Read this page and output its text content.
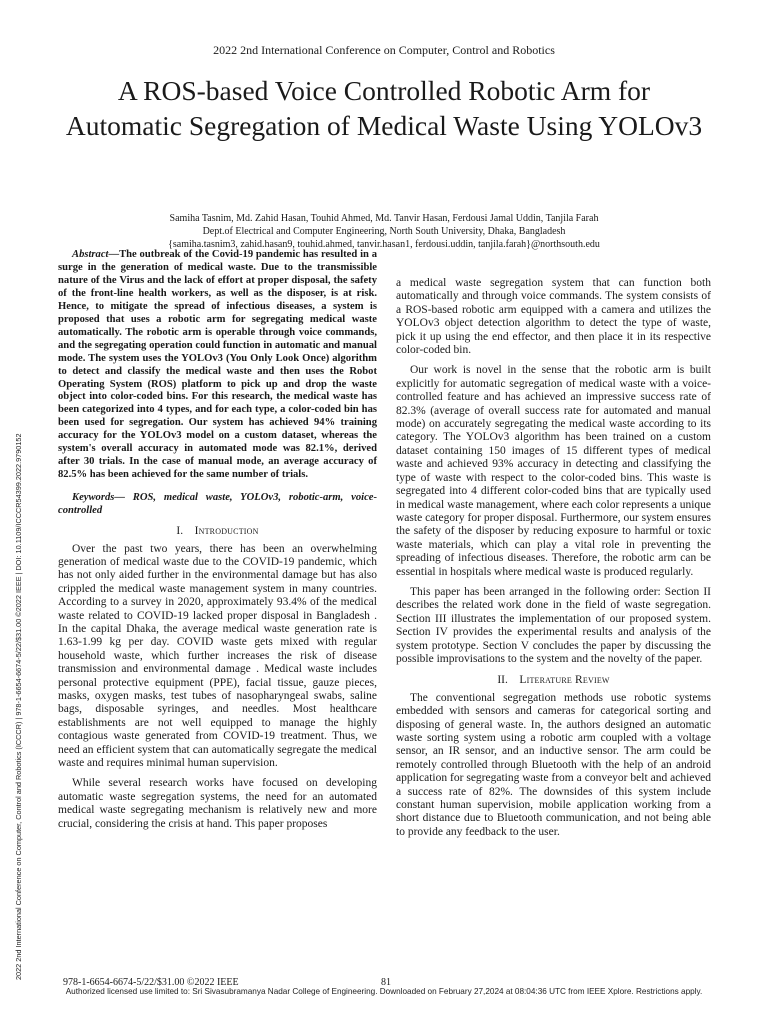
2022 2nd International Conference on Computer, Control and Robotics
A ROS-based Voice Controlled Robotic Arm for Automatic Segregation of Medical Waste Using YOLOv3
Samiha Tasnim, Md. Zahid Hasan, Touhid Ahmed, Md. Tanvir Hasan, Ferdousi Jamal Uddin, Tanjila Farah
Dept.of Electrical and Computer Engineering, North South University, Dhaka, Bangladesh
{samiha.tasnim3, zahid.hasan9, touhid.ahmed, tanvir.hasan1, ferdousi.uddin, tanjila.farah}@northsouth.edu
2022 2nd International Conference on Computer, Control and Robotics (ICCCR) | 978-1-6654-6674-5/22/$31.00 ©2022 IEEE | DOI: 10.1109/ICCCR54399.2022.9790152

Abstract—The outbreak of the Covid-19 pandemic has resulted in a surge in the generation of medical waste. Due to the transmissible nature of the Virus and the lack of effort at proper disposal, the safety of the front-line health workers, as well as the disposer, is at risk. Hence, to mitigate the spread of infectious diseases, a system is proposed that uses a robotic arm for segregating medical waste automatically. The robotic arm is operable through voice commands, and the segregating operation could function in automatic and manual mode. The system uses the YOLOv3 (You Only Look Once) algorithm to detect and classify the medical waste and then uses the Robot Operating System (ROS) platform to pick up and drop the waste object into color-coded bins. For this research, the medical waste has been categorized into 4 types, and for each type, a color-coded bin has been used for segregation. Our system has achieved 94% training accuracy for the YOLOv3 model on a custom dataset, whereas the system's overall accuracy in automated mode was 82.1%, derived after 30 trials. In the case of manual mode, an average accuracy of 82.5% has been achieved for the same number of trials.

Keywords— ROS, medical waste, YOLOv3, robotic-arm, voice-controlled

I. Introduction

Over the past two years, there has been an overwhelming generation of medical waste due to the COVID-19 pandemic, which has not only aided further in the environmental damage but has also crippled the medical waste management system in many countries. According to a survey in 2020, approximately 93.4% of the medical waste related to COVID-19 lacked proper disposal in Bangladesh . In the capital Dhaka, the average medical waste generation rate is 1.63-1.99 kg per day. COVID waste gets mixed with regular household waste, which further increases the risk of disease transmission and environmental damage . Medical waste includes personal protective equipment (PPE), facial tissue, gauze pieces, masks, oxygen masks, test tubes of nasopharyngeal swabs, saline bags, disposable syringes, and needles. Most healthcare establishments are not well equipped to manage the highly contagious waste generated from COVID-19 treatment. Thus, we need an efficient system that can automatically segregate the medical waste and requires minimal human supervision.

While several research works have focused on developing automatic waste segregation systems, the need for an automated medical waste segregating mechanism is relatively new and more crucial, considering the crisis at hand. This paper proposes

a medical waste segregation system that can function both automatically and through voice commands. The system consists of a ROS-based robotic arm equipped with a camera and utilizes the YOLOv3 object detection algorithm to detect the type of waste, pick it up using the end effector, and then place it in its respective color-coded bin.

Our work is novel in the sense that the robotic arm is built explicitly for automatic segregation of medical waste with a voice-controlled feature and has achieved an impressive success rate of 82.3% (average of overall success rate for automated and manual mode) on accurately segregating the medical waste according to its category. The YOLOv3 algorithm has been trained on a custom dataset containing 150 images of 15 different types of medical waste and achieved 93% accuracy in detecting and classifying the type of waste with respect to the color-coded bins. This waste is segregated into 4 different color-coded bins that are typically used in medical waste management, where each color represents a unique waste category for proper disposal. Furthermore, our system ensures the safety of the disposer by reducing exposure to harmful or toxic waste materials, which can play a vital role in preventing the spreading of infectious diseases. Therefore, the robotic arm can be essential in hospitals where medical waste is produced regularly.

This paper has been arranged in the following order: Section II describes the related work done in the field of waste segregation. Section III illustrates the implementation of our proposed system. Section IV provides the experimental results and analysis of the system prototype. Section V concludes the paper by discussing the possible improvisations to the system and the novelty of the paper.

II. Literature Review

The conventional segregation methods use robotic systems embedded with sensors and cameras for categorical sorting and disposing of general waste. In, the authors designed an automatic waste sorting system using a robotic arm coupled with a voltage sensor, an IR sensor, and an inductive sensor. The arm could be remotely controlled through Bluetooth with the help of an android application for segregating waste from a conveyor belt and achieved a success rate of 82%. The downsides of this system include constant human supervision, mobile application working from a short distance due to Bluetooth communication, and not being able to provide any feedback to the user.

978-1-6654-6674-5/22/$31.00 ©2022 IEEE	81
Authorized licensed use limited to: Sri Sivasubramanya Nadar College of Engineering. Downloaded on February 27,2024 at 08:04:36 UTC from IEEE Xplore. Restrictions apply.
